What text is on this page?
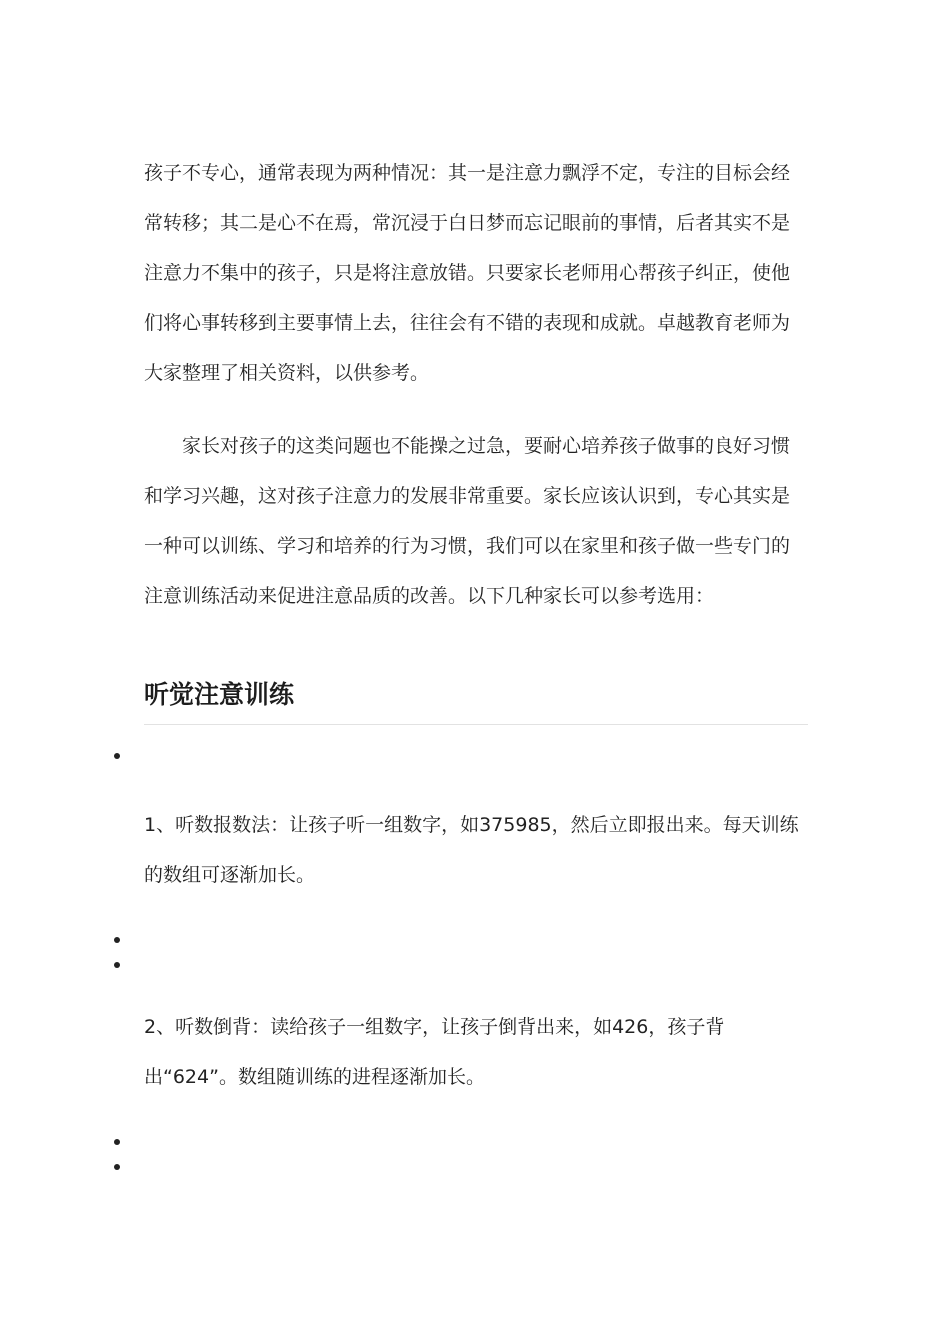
孩子不专心，通常表现为两种情况：其一是注意力飘浮不定，专注的目标会经常转移；其二是心不在焉，常沉浸于白日梦而忘记眼前的事情，后者其实不是注意力不集中的孩子，只是将注意放错。只要家长老师用心帮孩子纠正，使他们将心事转移到主要事情上去，往往会有不错的表现和成就。卓越教育老师为大家整理了相关资料，以供参考。

家长对孩子的这类问题也不能操之过急，要耐心培养孩子做事的良好习惯和学习兴趣，这对孩子注意力的发展非常重要。家长应该认识到，专心其实是一种可以训练、学习和培养的行为习惯，我们可以在家里和孩子做一些专门的注意训练活动来促进注意品质的改善。以下几种家长可以参考选用：

听觉注意训练

1、听数报数法：让孩子听一组数字，如375985，然后立即报出来。每天训练的数组可逐渐加长。

2、听数倒背：读给孩子一组数字，让孩子倒背出来，如426，孩子背出“624”。数组随训练的进程逐渐加长。
